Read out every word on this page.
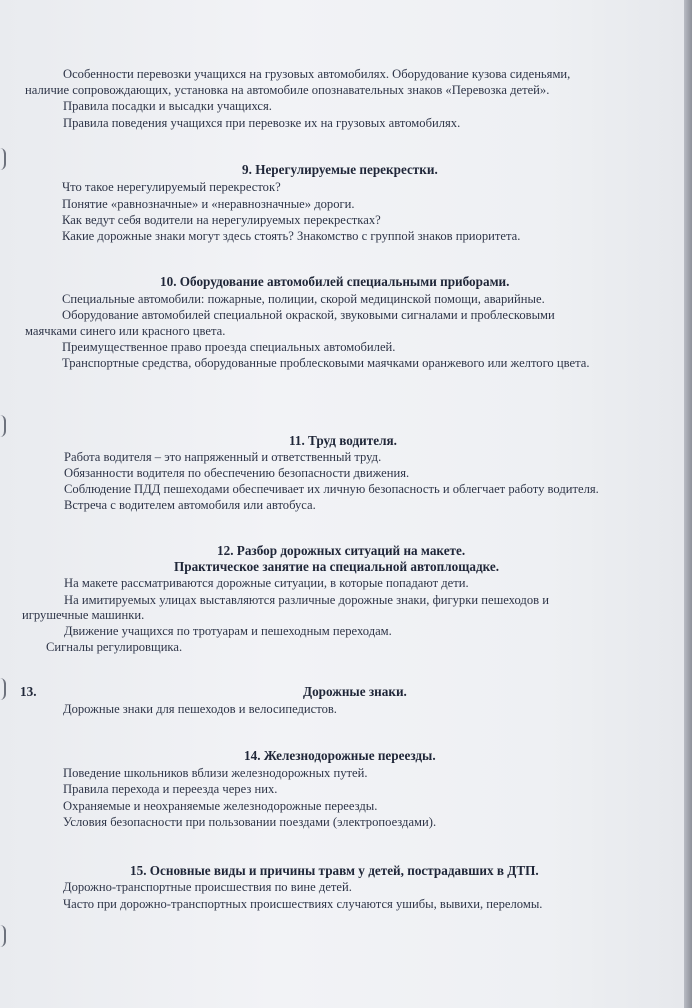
Особенности перевозки учащихся на грузовых автомобилях. Оборудование кузова сиденьями,
наличие сопровождающих, установка на автомобиле опознавательных знаков «Перевозка детей».
Правила посадки и высадки учащихся.
Правила поведения учащихся при перевозке их на грузовых автомобилях.
9. Нерегулируемые перекрестки.
Что такое нерегулируемый перекресток?
Понятие «равнозначные» и «неравнозначные» дороги.
Как ведут себя водители на нерегулируемых перекрестках?
Какие дорожные знаки могут здесь стоять? Знакомство с группой знаков приоритета.
10. Оборудование автомобилей специальными приборами.
Специальные автомобили: пожарные, полиции, скорой медицинской помощи, аварийные.
Оборудование автомобилей специальной окраской, звуковыми сигналами и проблесковыми
маячками синего или красного цвета.
Преимущественное право проезда специальных автомобилей.
Транспортные средства, оборудованные проблесковыми маячками оранжевого или желтого цвета.
11. Труд водителя.
Работа водителя – это напряженный и ответственный труд.
Обязанности водителя по обеспечению безопасности движения.
Соблюдение ПДД пешеходами обеспечивает их личную безопасность и облегчает работу водителя.
Встреча с водителем автомобиля или автобуса.
12. Разбор дорожных ситуаций на макете.
Практическое занятие на специальной автоплощадке.
На макете рассматриваются дорожные ситуации, в которые попадают дети.
На имитируемых улицах выставляются различные дорожные знаки, фигурки пешеходов и
игрушечные машинки.
Движение учащихся по тротуарам и пешеходным переходам.
Сигналы регулировщика.
13.	Дорожные знаки.
Дорожные знаки для пешеходов и велосипедистов.
14. Железнодорожные переезды.
Поведение школьников вблизи железнодорожных путей.
Правила перехода и переезда через них.
Охраняемые и неохраняемые железнодорожные переезды.
Условия безопасности при пользовании поездами (электропоездами).
15. Основные виды и причины травм у детей, пострадавших в ДТП.
Дорожно-транспортные происшествия по вине детей.
Часто при дорожно-транспортных происшествиях случаются ушибы, вывихи, переломы.
